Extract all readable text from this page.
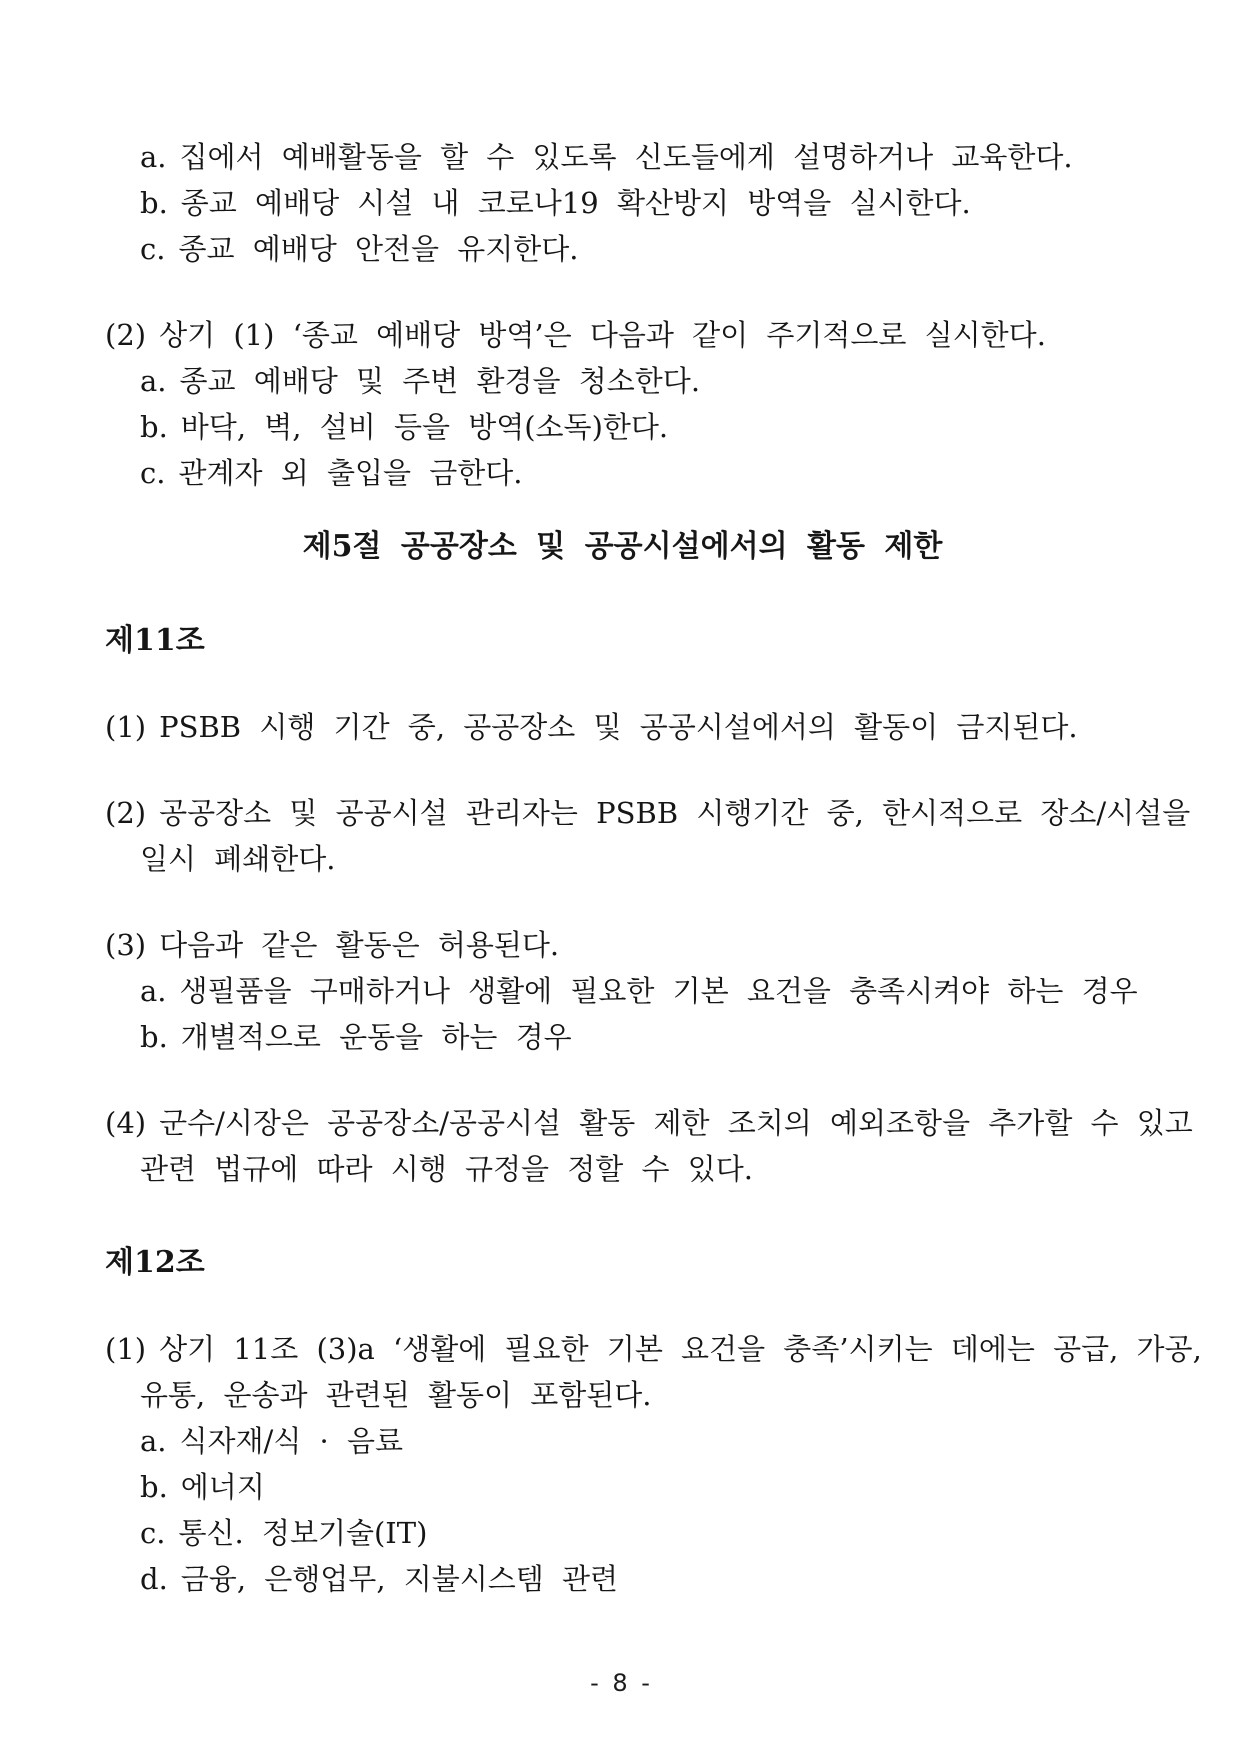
a. 집에서 예배활동을 할 수 있도록 신도들에게 설명하거나 교육한다.
b. 종교 예배당 시설 내 코로나19 확산방지 방역을 실시한다.
c. 종교 예배당 안전을 유지한다.
(2) 상기 (1) ‘종교 예배당 방역’은 다음과 같이 주기적으로 실시한다.
a. 종교 예배당 및 주변 환경을 청소한다.
b. 바닥, 벽, 설비 등을 방역(소독)한다.
c. 관계자 외 출입을 금한다.
제5절 공공장소 및 공공시설에서의 활동 제한
제11조
(1) PSBB 시행 기간 중, 공공장소 및 공공시설에서의 활동이 금지된다.
(2) 공공장소 및 공공시설 관리자는 PSBB 시행기간 중, 한시적으로 장소/시설을
일시 폐쇄한다.
(3) 다음과 같은 활동은 허용된다.
a. 생필품을 구매하거나 생활에 필요한 기본 요건을 충족시켜야 하는 경우
b. 개별적으로 운동을 하는 경우
(4) 군수/시장은 공공장소/공공시설 활동 제한 조치의 예외조항을 추가할 수 있고
관련 법규에 따라 시행 규정을 정할 수 있다.
제12조
(1) 상기 11조 (3)a ‘생활에 필요한 기본 요건을 충족’시키는 데에는 공급, 가공,
유통, 운송과 관련된 활동이 포함된다.
a. 식자재/식 · 음료
b. 에너지
c. 통신. 정보기술(IT)
d. 금융, 은행업무, 지불시스템 관련
- 8 -
